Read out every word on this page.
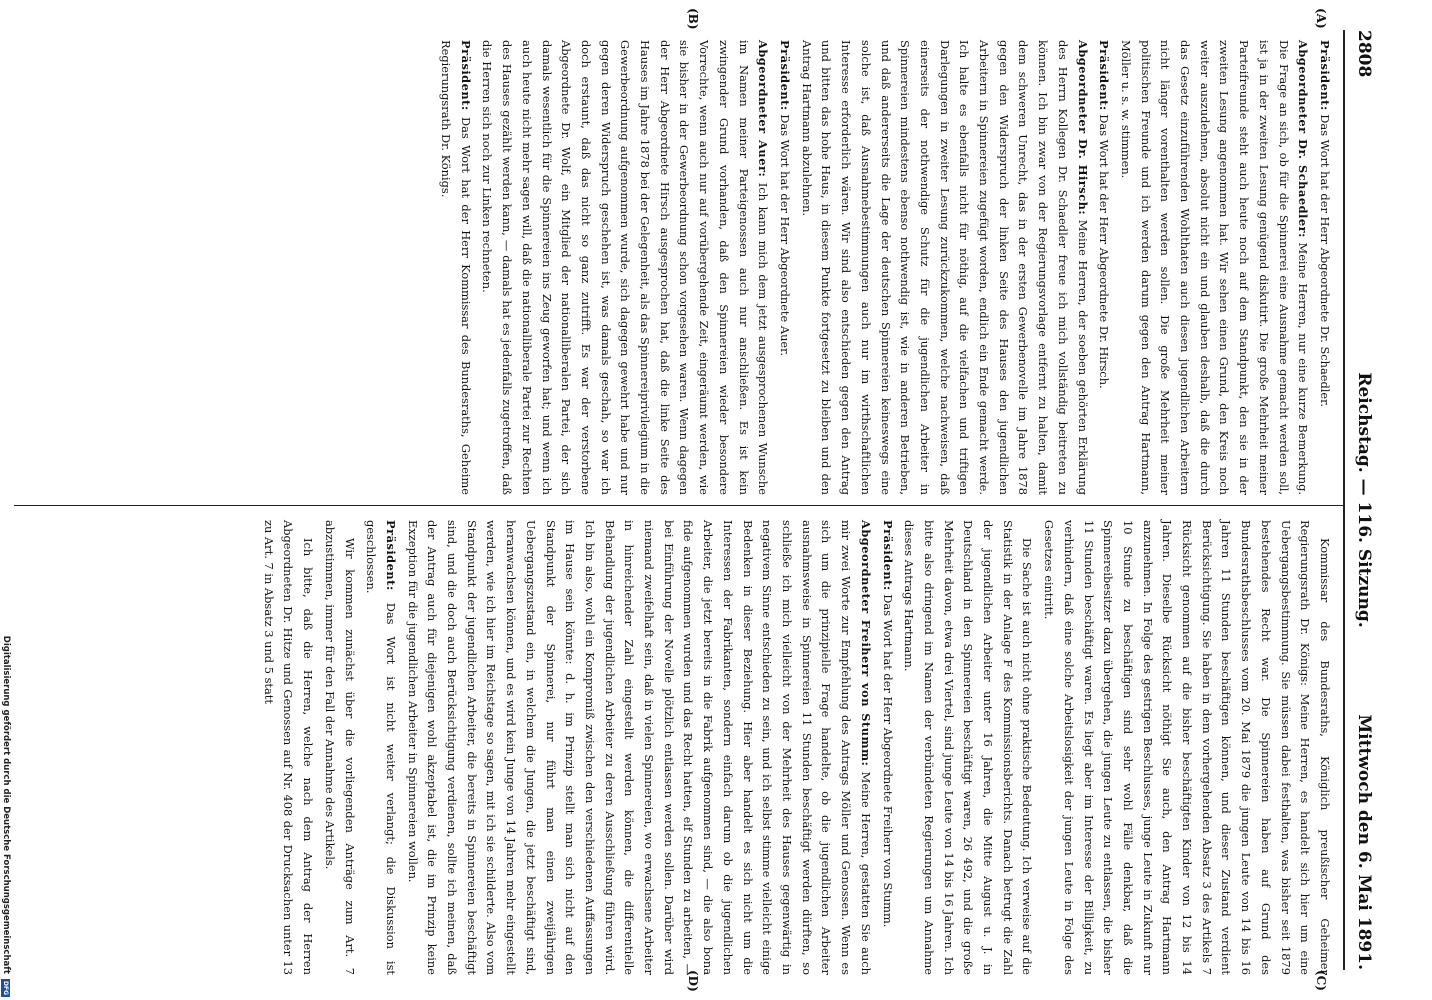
2808
Reichstag. — 116. Sitzung.
Mittwoch den 6. Mai 1891.
(A)
(B)
(C)
(D)

Präsident: Das Wort hat der Herr Abgeordnete Dr. Schaedler.

Abgeordneter Dr. Schaedler: Meine Herren, nur eine kurze Bemerkung. Die Frage an sich, ob für die Spinnerei eine Ausnahme gemacht werden soll, ist ja in der zweiten Lesung genügend diskutirt. Die große Mehrheit meiner Parteifreunde steht auch heute noch auf dem Standpunkt, den sie in der zweiten Lesung angenommen hat. Wir sehen einen Grund, den Kreis noch weiter auszudehnen, absolut nicht ein und glauben deshalb, daß die durch das Gesetz einzuführenden Wohlthaten auch diesen jugendlichen Arbeitern nicht länger vorenthalten werden sollen. Die große Mehrheit meiner politischen Freunde und ich werden darum gegen den Antrag Hartmann, Möller u. s. w. stimmen.

Präsident: Das Wort hat der Herr Abgeordnete Dr. Hirsch.

Abgeordneter Dr. Hirsch: Meine Herren, der soeben gehörten Erklärung des Herrn Kollegen Dr. Schaedler freue ich mich vollständig beitreten zu können. Ich bin zwar von der Regierungsvorlage entfernt zu halten, damit dem schweren Unrecht, das in der ersten Gewerbenovelle im Jahre 1878 gegen den Widerspruch der linken Seite des Hauses den jugendlichen Arbeitern in Spinnereien zugefügt worden, endlich ein Ende gemacht werde. Ich halte es ebenfalls nicht für nöthig, auf die vielfachen und triftigen Darlegungen in zweiter Lesung zurückzukommen, welche nachweisen, daß einerseits der nothwendige Schutz für die jugendlichen Arbeiter in Spinnereien mindestens ebenso nothwendig ist, wie in anderen Betrieben, und daß andererseits die Lage der deutschen Spinnereien keineswegs eine solche ist, daß Ausnahmebestimmungen auch nur im wirthschaftlichen Interesse erforderlich wären. Wir sind also entschieden gegen den Antrag und bitten das hohe Haus, in diesem Punkte fortgesetzt zu bleiben und den Antrag Hartmann abzulehnen.

Präsident: Das Wort hat der Herr Abgeordnete Auer.

Abgeordneter Auer: Ich kann mich dem jetzt ausgesprochenen Wunsche im Namen meiner Parteigenossen auch nur anschließen. Es ist kein zwingender Grund vorhanden, daß den Spinnereien wieder besondere Vorrechte, wenn auch nur auf vorübergehende Zeit, eingeräumt werden, wie sie bisher in der Gewerbeordnung schon vorgesehen waren. Wenn dagegen der Herr Abgeordnete Hirsch ausgesprochen hat, daß die linke Seite des Hauses im Jahre 1878 bei der Gelegenheit, als das Spinnereiprivilegium in die Gewerbeordnung aufgenommen wurde, sich dagegen gewehrt habe und nur gegen deren Widerspruch geschehen ist, was damals geschah, so war ich doch erstaunt, daß das nicht so ganz zutrifft. Es war der verstorbene Abgeordnete Dr. Wolf, ein Mitglied der nationalliberalen Partei, der sich damals wesentlich für die Spinnereien ins Zeug geworfen hat; und wenn ich auch heute nicht mehr sagen will, daß die nationalliberale Partei zur Rechten des Hauses gezählt werden kann, — damals hat es jedenfalls zugetroffen, daß die Herren sich noch zur Linken rechneten.

Präsident: Das Wort hat der Herr Kommissar des Bundesraths, Geheime Regierungsrath Dr. Königs.

Kommissar des Bundesraths, Königlich preußischer Geheimer Regierungsrath Dr. Königs: Meine Herren, es handelt sich hier um eine Uebergangsbestimmung. Sie müssen dabei festhalten, was bisher seit 1879 bestehendes Recht war. Die Spinnereien haben auf Grund des Bundesrathsbeschlusses vom 20. Mai 1879 die jungen Leute von 14 bis 16 Jahren 11 Stunden beschäftigen können, und dieser Zustand verdient Berücksichtigung. Sie haben in dem vorhergehenden Absatz 3 des Artikels 7 Rücksicht genommen auf die bisher beschäftigten Kinder von 12 bis 14 Jahren. Dieselbe Rücksicht nöthigt Sie auch, den Antrag Hartmann anzunehmen. In Folge des gestrigen Beschlusses, junge Leute in Zukunft nur 10 Stunde zu beschäftigen sind sehr wohl Fälle denkbar, daß die Spinnereibesitzer dazu übergehen, die jungen Leute zu entlassen, die bisher 11 Stunden beschäftigt waren. Es liegt aber im Interesse der Billigkeit, zu verhindern, daß eine solche Arbeitslosigkeit der jungen Leute in Folge des Gesetzes eintritt.

Die Sache ist auch nicht ohne praktische Bedeutung. Ich verweise auf die Statistik in der Anlage F des Kommissionsberichts. Danach betrugt die Zahl der jugendlichen Arbeiter unter 16 Jahren, die Mitte August u. J. in Deutschland in den Spinnereien beschäftigt waren, 26 492, und die große Mehrheit davon, etwa drei Viertel, sind junge Leute von 14 bis 16 Jahren. Ich bitte also dringend im Namen der verbündeten Regierungen um Annahme dieses Antrags Hartmann.

Präsident: Das Wort hat der Herr Abgeordnete Freiherr von Stumm.

Abgeordneter Freiherr von Stumm: Meine Herren, gestatten Sie auch mir zwei Worte zur Empfehlung des Antrags Möller und Genossen. Wenn es sich um die prinzipielle Frage handelte, ob die jugendlichen Arbeiter ausnahmsweise in Spinnereien 11 Stunden beschäftigt werden dürften, so schließe ich mich vielleicht von der Mehrheit des Hauses gegenwärtig in negativem Sinne entschieden zu sein, und ich selbst stimme vielleicht einige Bedenken in dieser Beziehung. Hier aber handelt es sich nicht um die Interessen der Fabrikanten, sondern einfach darum ob die jugendlichen Arbeiter, die jetzt bereits in die Fabrik aufgenommen sind, — die also bona fide aufgenommen wurden und das Recht hatten, elf Stunden zu arbeiten, — bei Einführung der Novelle plötzlich entlassen werden sollen. Darüber wird niemand zweifelhaft sein, daß in vielen Spinnereien, wo erwachsene Arbeiter in hinreichender Zahl eingestellt werden können, die differentielle Behandlung der jugendlichen Arbeiter zu deren Ausschließung führen wird. Ich bin also, wohl ein Kompromiß zwischen den verschiedenen Auffassungen im Hause sein könnte: d. h. im Prinzip stellt man sich nicht auf den Standpunkt der Spinnerei, nur führt man einen zweijährigen Uebergangszustand ein, in welchem die Jungen, die jetzt beschäftigt sind, heranwachsen können, und es wird kein Junge von 14 Jahren mehr eingestellt werden, wie ich hier im Reichstage so sagen, mit ich sie schilderte. Also vom Standpunkt der jugendlichen Arbeiter, die bereits in Spinnereien beschäftigt sind, und die doch auch Berücksichtigung verdienen, sollte ich meinen, daß der Antrag auch für diejenigen wohl akzeptabel ist, die im Prinzip keine Exzeption für die jugendlichen Arbeiter in Spinnereien wollen.

Präsident: Das Wort ist nicht weiter verlangt; die Diskussion ist geschlossen.

Wir kommen zunächst über die vorliegenden Anträge zum Art. 7 abzustimmen, immer für den Fall der Annahme des Artikels.

Ich bitte, daß die Herren, welche nach dem Antrag der Herren Abgeordneten Dr. Hitze und Genossen auf Nr. 408 der Drucksachen unter 13 zu Art. 7 in Absatz 3 und 5 statt

Digitalisierung gefördert durch die Deutsche Forschungsgemeinschaft
DFG
